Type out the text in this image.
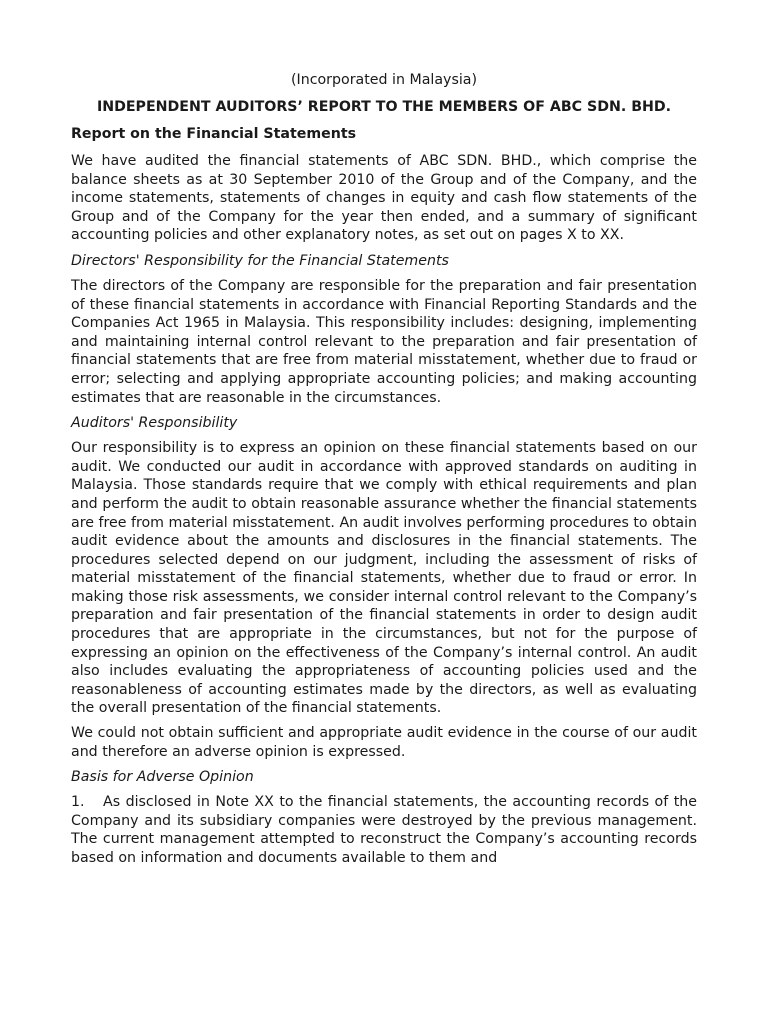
(Incorporated in Malaysia)
INDEPENDENT AUDITORS’ REPORT TO THE MEMBERS OF ABC SDN. BHD.
Report on the Financial Statements

We have audited the financial statements of ABC SDN. BHD., which comprise the balance sheets as at 30 September 2010 of the Group and of the Company, and the income statements, statements of changes in equity and cash flow statements of the Group and of the Company for the year then ended, and a summary of significant accounting policies and other explanatory notes, as set out on pages X to XX.

Directors' Responsibility for the Financial Statements

The directors of the Company are responsible for the preparation and fair presentation of these financial statements in accordance with Financial Reporting Standards and the Companies Act 1965 in Malaysia. This responsibility includes: designing, implementing and maintaining internal control relevant to the preparation and fair presentation of financial statements that are free from material misstatement, whether due to fraud or error; selecting and applying appropriate accounting policies; and making accounting estimates that are reasonable in the circumstances.

Auditors' Responsibility

Our responsibility is to express an opinion on these financial statements based on our audit. We conducted our audit in accordance with approved standards on auditing in Malaysia. Those standards require that we comply with ethical requirements and plan and perform the audit to obtain reasonable assurance whether the financial statements are free from material misstatement. An audit involves performing procedures to obtain audit evidence about the amounts and disclosures in the financial statements. The procedures selected depend on our judgment, including the assessment of risks of material misstatement of the financial statements, whether due to fraud or error. In making those risk assessments, we consider internal control relevant to the Company’s preparation and fair presentation of the financial statements in order to design audit procedures that are appropriate in the circumstances, but not for the purpose of expressing an opinion on the effectiveness of the Company’s internal control. An audit also includes evaluating the appropriateness of accounting policies used and the reasonableness of accounting estimates made by the directors, as well as evaluating the overall presentation of the financial statements.

We could not obtain sufficient and appropriate audit evidence in the course of our audit and therefore an adverse opinion is expressed.

Basis for Adverse Opinion

1. As disclosed in Note XX to the financial statements, the accounting records of the Company and its subsidiary companies were destroyed by the previous management. The current management attempted to reconstruct the Company’s accounting records based on information and documents available to them and
